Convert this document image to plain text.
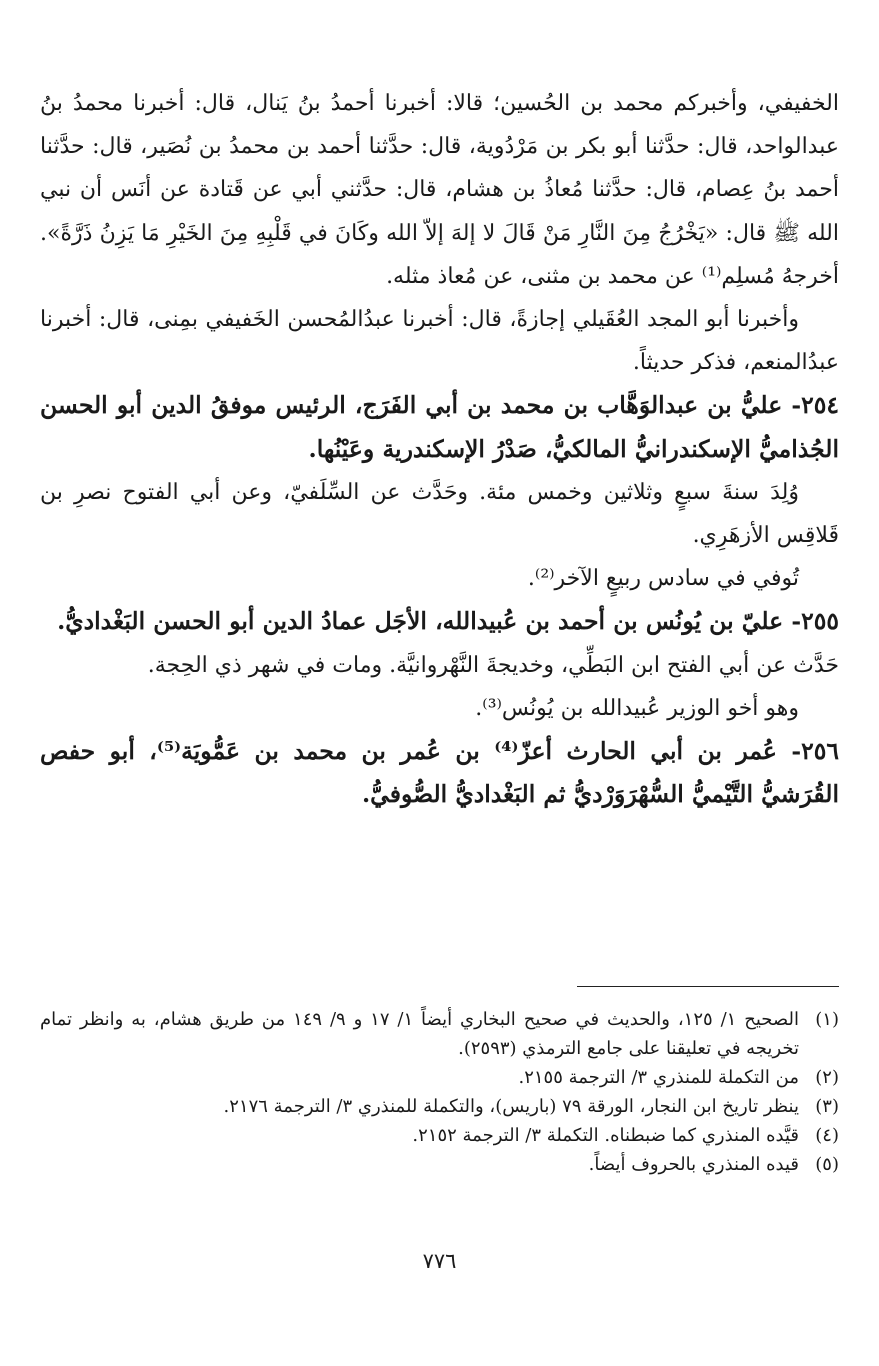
الخفيفي، وأخبركم محمد بن الحُسين؛ قالا: أخبرنا أحمدُ بنُ يَنال، قال: أخبرنا محمدُ بنُ عبدالواحد، قال: حدَّثنا أبو بكر بن مَرْدُوية، قال: حدَّثنا أحمد بن محمدُ بن نُصَير، قال: حدَّثنا أحمد بنُ عِصام، قال: حدَّثنا مُعاذُ بن هشام، قال: حدَّثني أبي عن قَتادة عن أنَس أن نبي الله ﷺ قال: «يَخْرُجُ مِنَ النَّارِ مَنْ قَالَ لا إلهَ إلاّ الله وكَانَ في قَلْبِهِ مِنَ الخَيْرِ مَا يَزِنُ ذَرَّةً». أخرجهُ مُسلِم⁽¹⁾ عن محمد بن مثنى، عن مُعاذ مثله.

وأخبرنا أبو المجد العُقَيلي إجازةً، قال: أخبرنا عبدُالمُحسن الخَفيفي بمِنى، قال: أخبرنا عبدُالمنعم، فذكر حديثاً.

٢٥٤- عليُّ بن عبدالوَهَّاب بن محمد بن أبي الفَرَج، الرئيس موفقُ الدين أبو الحسن الجُذاميُّ الإسكندرانيُّ المالكيُّ، صَدْرُ الإسكندرية وعَيْنُها.

وُلِدَ سنةَ سبعٍ وثلاثين وخمس مئة. وحَدَّث عن السِّلَفيّ، وعن أبي الفتوح نصرِ بن قَلاقِس الأزهَرِي.

تُوفي في سادس ربيعٍ الآخر⁽²⁾.

٢٥٥- عليّ بن يُونُس بن أحمد بن عُبيدالله، الأجَل عمادُ الدين أبو الحسن البَغْداديُّ.

حَدَّث عن أبي الفتح ابن البَطِّي، وخديجةَ النَّهْروانيَّة. ومات في شهر ذي الحِجة.

وهو أخو الوزير عُبيدالله بن يُونُس⁽³⁾.

٢٥٦- عُمر بن أبي الحارث أعزّ⁽⁴⁾ بن عُمر بن محمد بن عَمُّويَة⁽⁵⁾، أبو حفص القُرَشيُّ التَّيْميُّ السُّهْرَوَرْديُّ ثم البَغْداديُّ الصُّوفيُّ.

(١)
الصحيح ١/ ١٢٥، والحديث في صحيح البخاري أيضاً ١/ ١٧ و ٩/ ١٤٩ من طريق هشام، به وانظر تمام تخريجه في تعليقنا على جامع الترمذي (٢٥٩٣).

(٢)
من التكملة للمنذري ٣/ الترجمة ٢١٥٥.

(٣)
ينظر تاريخ ابن النجار، الورقة ٧٩ (باريس)، والتكملة للمنذري ٣/ الترجمة ٢١٧٦.

(٤)
قيَّده المنذري كما ضبطناه. التكملة ٣/ الترجمة ٢١٥٢.

(٥)
قيده المنذري بالحروف أيضاً.

٧٧٦
